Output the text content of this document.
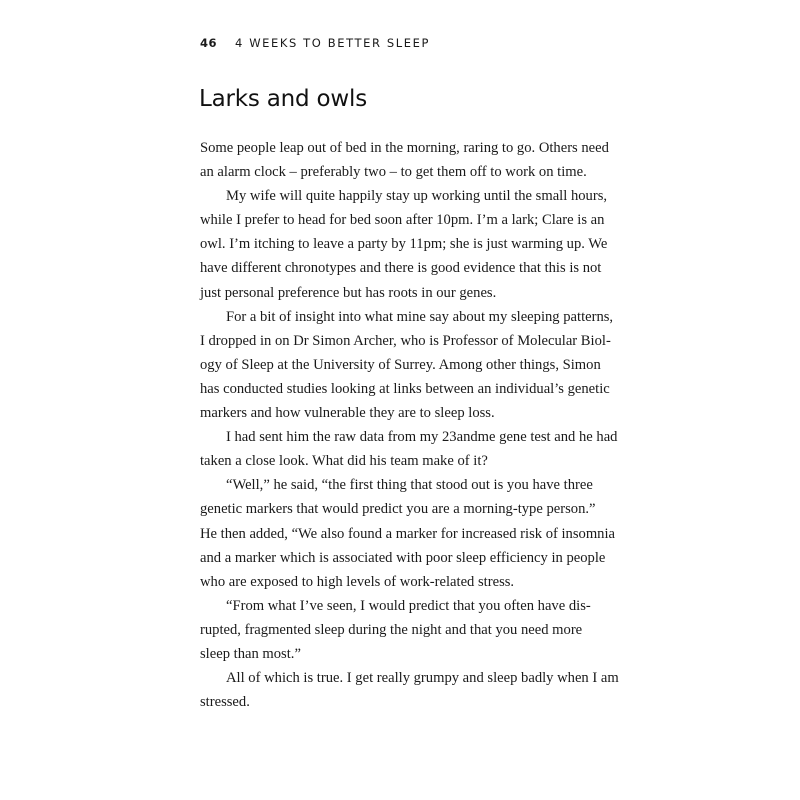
46 4 WEEKS TO BETTER SLEEP
Larks and owls
Some people leap out of bed in the morning, raring to go. Others need
an alarm clock – preferably two – to get them off to work on time.
My wife will quite happily stay up working until the small hours,
while I prefer to head for bed soon after 10pm. I’m a lark; Clare is an
owl. I’m itching to leave a party by 11pm; she is just warming up. We
have different chronotypes and there is good evidence that this is not
just personal preference but has roots in our genes.
For a bit of insight into what mine say about my sleeping patterns,
I dropped in on Dr Simon Archer, who is Professor of Molecular Biol-
ogy of Sleep at the University of Surrey. Among other things, Simon
has conducted studies looking at links between an individual’s genetic
markers and how vulnerable they are to sleep loss.
I had sent him the raw data from my 23andme gene test and he had
taken a close look. What did his team make of it?
“Well,” he said, “the first thing that stood out is you have three
genetic markers that would predict you are a morning-type person.”
He then added, “We also found a marker for increased risk of insomnia
and a marker which is associated with poor sleep efficiency in people
who are exposed to high levels of work-related stress.
“From what I’ve seen, I would predict that you often have dis-
rupted, fragmented sleep during the night and that you need more
sleep than most.”
All of which is true. I get really grumpy and sleep badly when I am
stressed.
